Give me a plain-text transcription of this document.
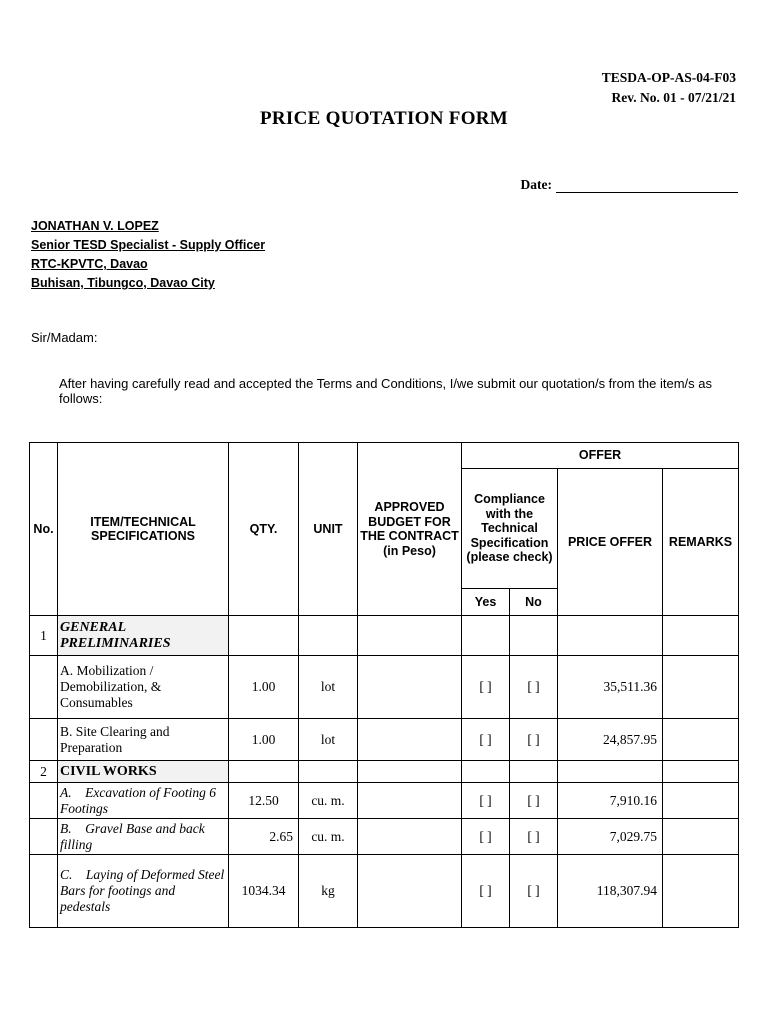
TESDA-OP-AS-04-F03
Rev. No. 01 - 07/21/21
PRICE QUOTATION FORM
Date:
JONATHAN V. LOPEZ
Senior TESD Specialist - Supply Officer
RTC-KPVTC, Davao
Buhisan, Tibungco, Davao City
Sir/Madam:
After having carefully read and accepted the Terms and Conditions, I/we submit our quotation/s from the item/s as follows:
No.	ITEM/TECHNICAL SPECIFICATIONS	QTY.	UNIT	APPROVED BUDGET FOR THE CONTRACT (in Peso)	OFFER			
					Compliance with the Technical Specification (please check)		PRICE OFFER	REMARKS
					Yes	No		
1	GENERAL PRELIMINARIES							
	A. Mobilization / Demobilization, & Consumables	1.00	lot		[ ]	[ ]	35,511.36	
	B. Site Clearing and Preparation	1.00	lot		[ ]	[ ]	24,857.95	
2	CIVIL WORKS							
	A.    Excavation of Footing 6 Footings	12.50	cu. m.		[ ]	[ ]	7,910.16	
	B.    Gravel Base and back filling	2.65	cu. m.		[ ]	[ ]	7,029.75	
	C.    Laying of Deformed Steel Bars for footings and pedestals	1034.34	kg		[ ]	[ ]	118,307.94	
